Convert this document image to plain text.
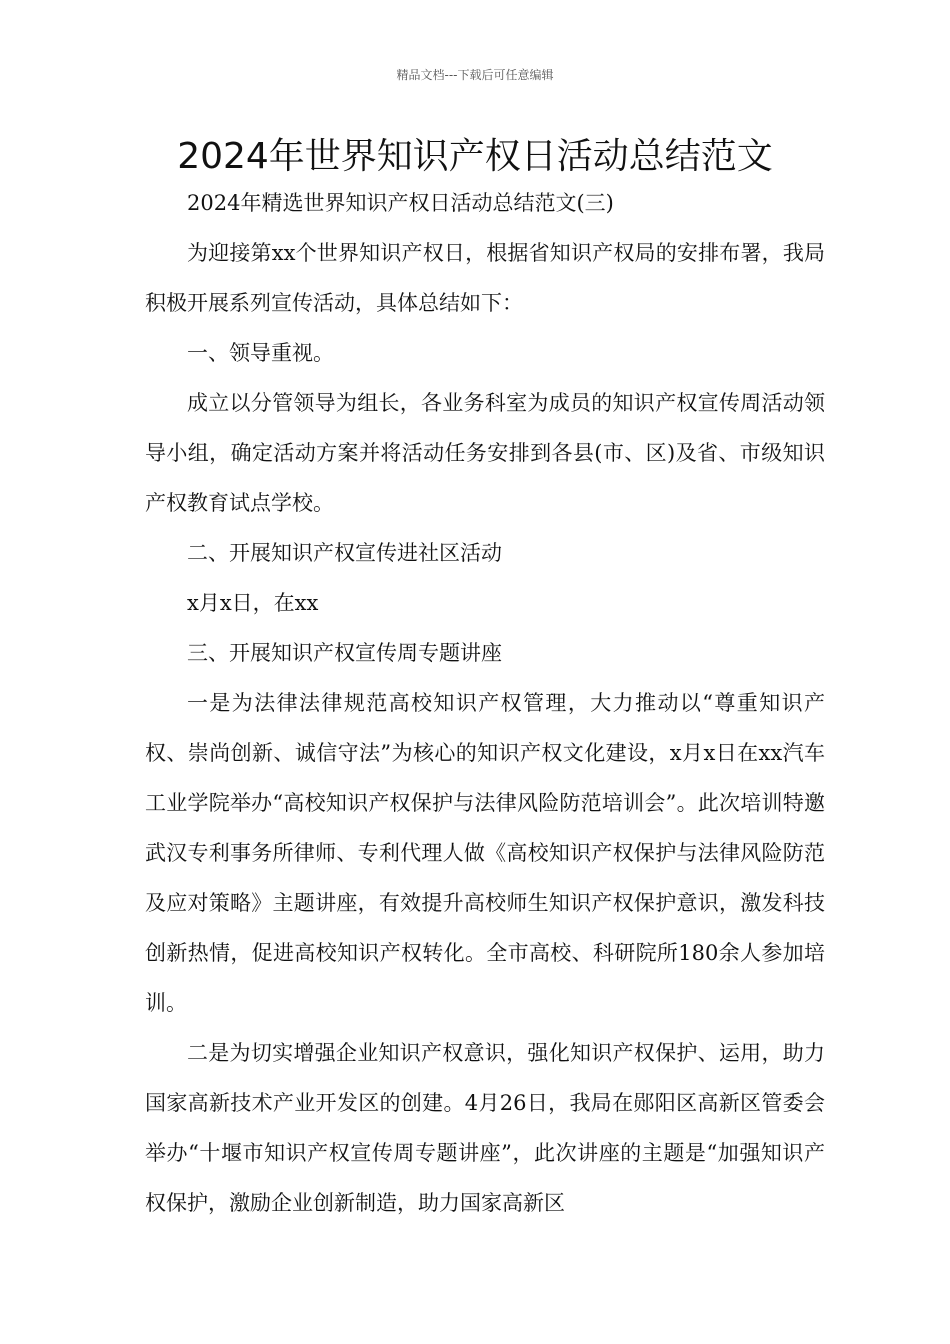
精品文档---下载后可任意编辑
2024年世界知识产权日活动总结范文

2024年精选世界知识产权日活动总结范文(三)

为迎接第xx个世界知识产权日，根据省知识产权局的安排布署，我局积极开展系列宣传活动，具体总结如下：

一、领导重视。

成立以分管领导为组长，各业务科室为成员的知识产权宣传周活动领导小组，确定活动方案并将活动任务安排到各县(市、区)及省、市级知识产权教育试点学校。

二、开展知识产权宣传进社区活动

x月x日，在xx

三、开展知识产权宣传周专题讲座

一是为法律法律规范高校知识产权管理，大力推动以“尊重知识产权、崇尚创新、诚信守法”为核心的知识产权文化建设，x月x日在xx汽车工业学院举办“高校知识产权保护与法律风险防范培训会”。此次培训特邀武汉专利事务所律师、专利代理人做《高校知识产权保护与法律风险防范及应对策略》主题讲座，有效提升高校师生知识产权保护意识，激发科技创新热情，促进高校知识产权转化。全市高校、科研院所180余人参加培训。

二是为切实增强企业知识产权意识，强化知识产权保护、运用，助力国家高新技术产业开发区的创建。4月26日，我局在郧阳区高新区管委会举办“十堰市知识产权宣传周专题讲座”，此次讲座的主题是“加强知识产权保护，激励企业创新制造，助力国家高新区
